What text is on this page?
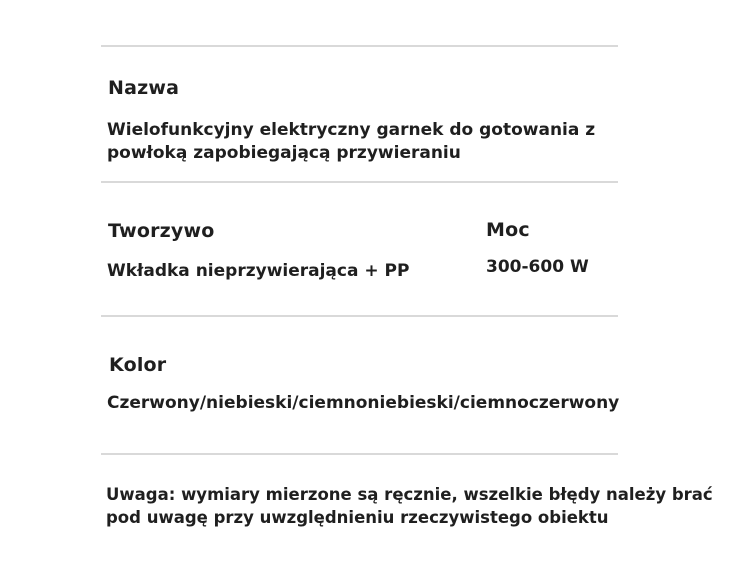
Nazwa
Wielofunkcyjny elektryczny garnek do gotowania z powłoką zapobiegającą przywieraniu
Tworzywo
Wkładka nieprzywierająca + PP
Moc
300-600 W
Kolor
Czerwony/niebieski/ciemnoniebieski/ciemnoczerwony
Uwaga: wymiary mierzone są ręcznie, wszelkie błędy należy brać pod uwagę przy uwzględnieniu rzeczywistego obiektu
